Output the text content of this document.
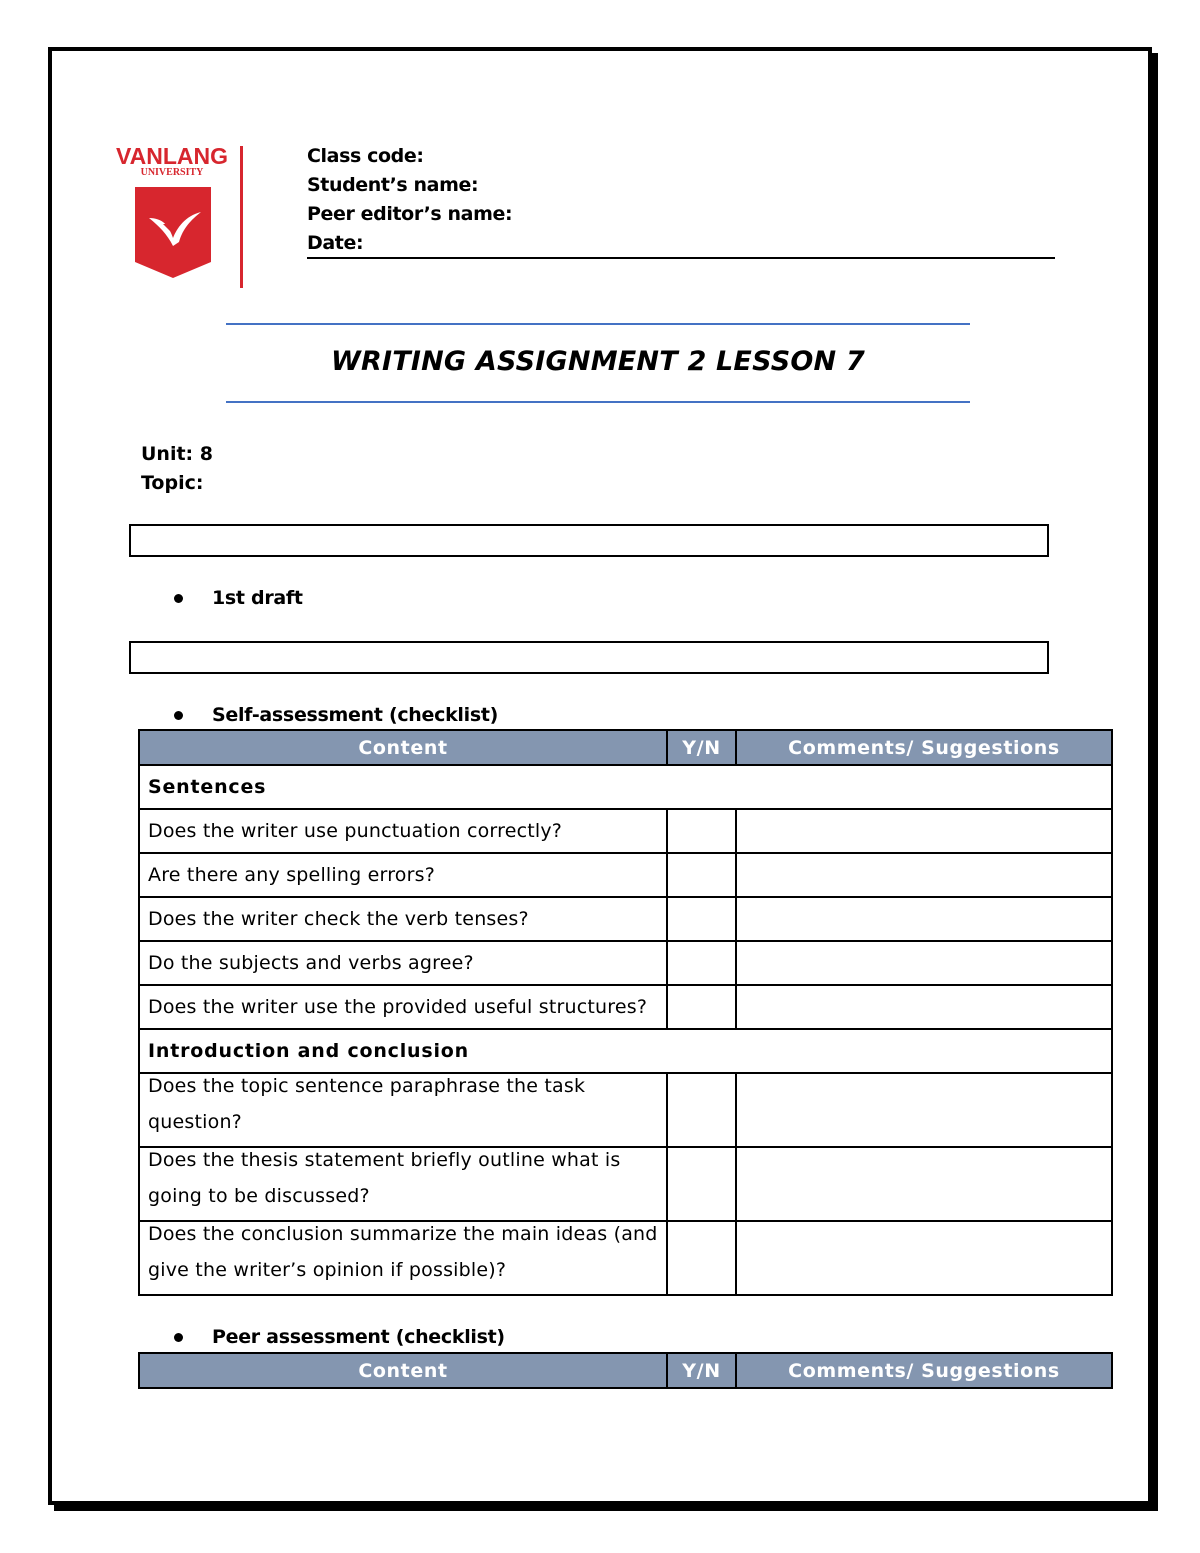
VANLANG
UNIVERSITY
Class code:
Student’s name:
Peer editor’s name:
Date:
WRITING ASSIGNMENT 2 LESSON 7
Unit: 8
Topic:
1st draft
Self-assessment (checklist)
Content	Y/N	Comments/ Suggestions
Sentences		
Does the writer use punctuation correctly?		
Are there any spelling errors?		
Does the writer check the verb tenses?		
Do the subjects and verbs agree?		
Does the writer use the provided useful structures?		
Introduction and conclusion		
Does the topic sentence paraphrase the task question?		
Does the thesis statement briefly outline what is going to be discussed?		
Does the conclusion summarize the main ideas (and give the writer’s opinion if possible)?		
Peer assessment (checklist)
Content	Y/N	Comments/ Suggestions
